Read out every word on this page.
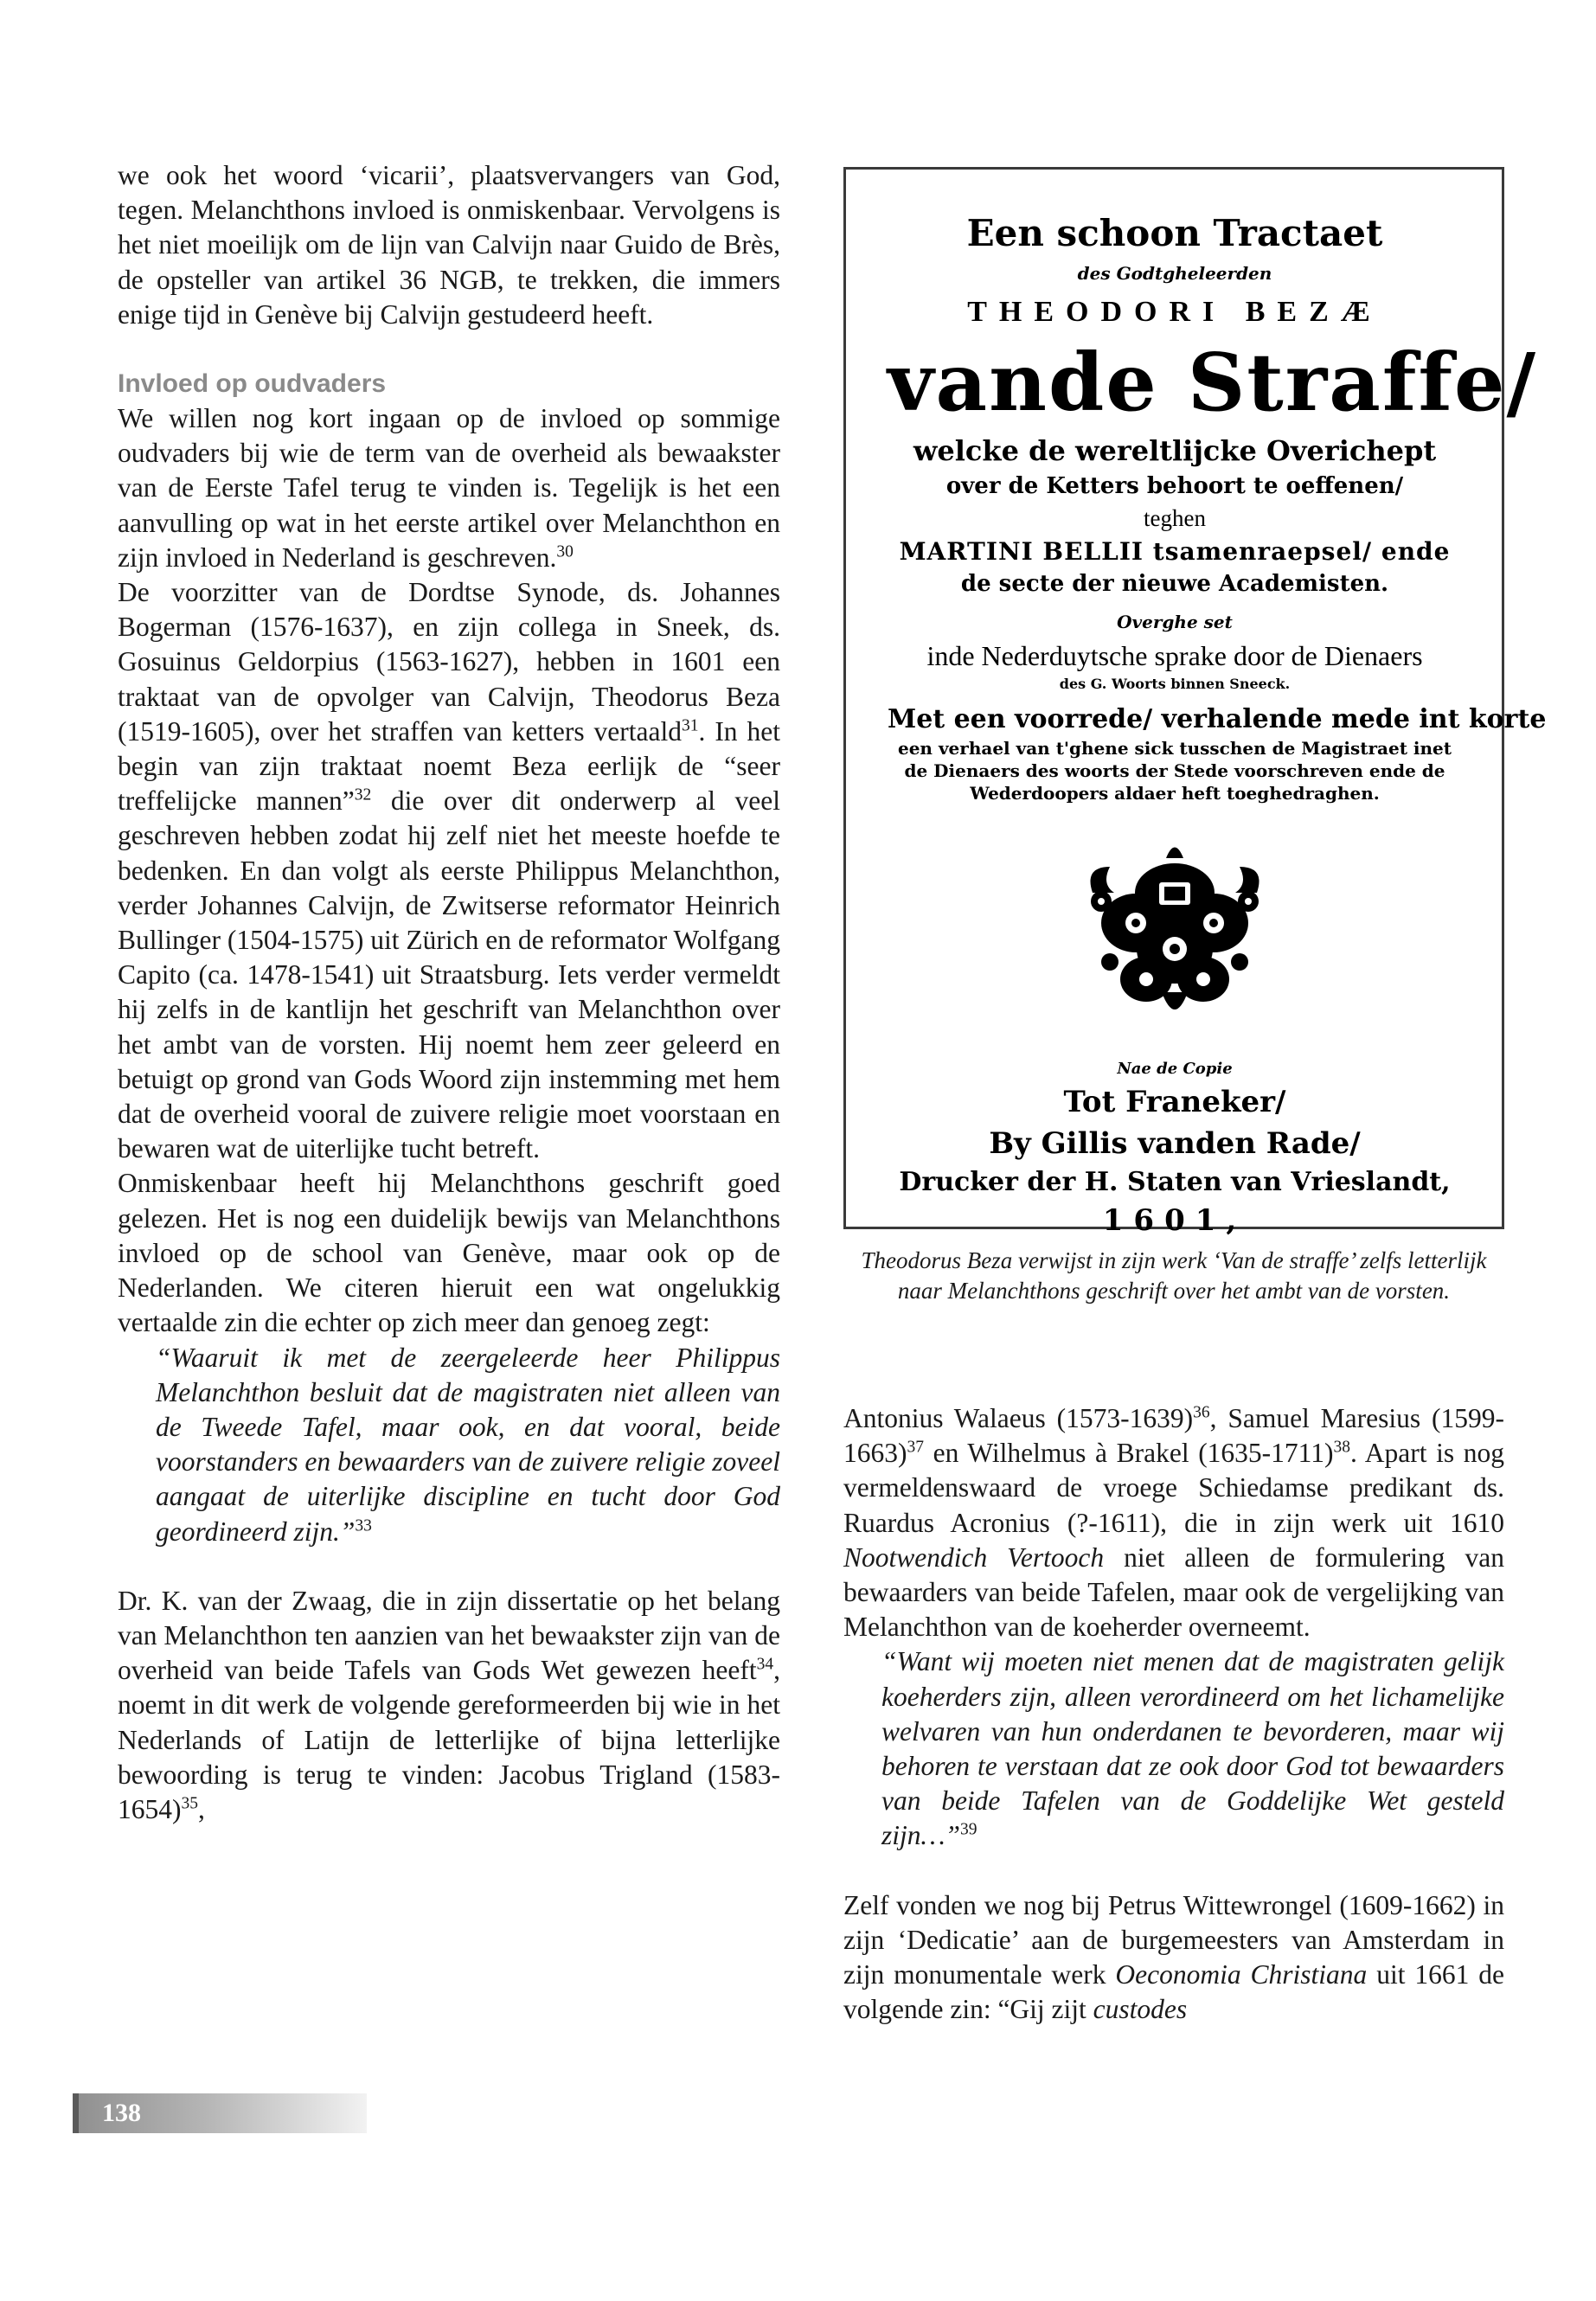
we ook het woord ‘vicarii’, plaatsvervangers van God, tegen. Melanchthons invloed is onmiskenbaar. Vervolgens is het niet moeilijk om de lijn van Calvijn naar Guido de Brès, de opsteller van artikel 36 NGB, te trekken, die immers enige tijd in Genève bij Calvijn gestudeerd heeft.

Invloed op oudvaders

We willen nog kort ingaan op de invloed op sommige oudvaders bij wie de term van de overheid als bewaakster van de Eerste Tafel terug te vinden is. Tegelijk is het een aanvulling op wat in het eerste artikel over Melanchthon en zijn invloed in Nederland is geschreven.$^{30}$

De voorzitter van de Dordtse Synode, ds. Johannes Bogerman (1576-1637), en zijn collega in Sneek, ds. Gosuinus Geldorpius (1563-1627), hebben in 1601 een traktaat van de opvolger van Calvijn, Theodorus Beza (1519-1605), over het straffen van ketters vertaald$^{31}$. In het begin van zijn traktaat noemt Beza eerlijk de “seer treffelijcke mannen”$^{32}$ die over dit onderwerp al veel geschreven hebben zodat hij zelf niet het meeste hoefde te bedenken. En dan volgt als eerste Philippus Melanchthon, verder Johannes Calvijn, de Zwitserse reformator Heinrich Bullinger (1504-1575) uit Zürich en de reformator Wolfgang Capito (ca. 1478-1541) uit Straatsburg. Iets verder vermeldt hij zelfs in de kantlijn het geschrift van Melanchthon over het ambt van de vorsten. Hij noemt hem zeer geleerd en betuigt op grond van Gods Woord zijn instemming met hem dat de overheid vooral de zuivere religie moet voorstaan en bewaren wat de uiterlijke tucht betreft.

Onmiskenbaar heeft hij Melanchthons geschrift goed gelezen. Het is nog een duidelijk bewijs van Melanchthons invloed op de school van Genève, maar ook op de Nederlanden. We citeren hieruit een wat ongelukkig vertaalde zin die echter op zich meer dan genoeg zegt:

“Waaruit ik met de zeergeleerde heer Philippus Melanchthon besluit dat de magistraten niet alleen van de Tweede Tafel, maar ook, en dat vooral, beide voorstanders en bewaarders van de zuivere religie zoveel aangaat de uiterlijke discipline en tucht door God geordineerd zijn.”$^{33}$

Dr. K. van der Zwaag, die in zijn dissertatie op het belang van Melanchthon ten aanzien van het bewaakster zijn van de overheid van beide Tafels van Gods Wet gewezen heeft$^{34}$, noemt in dit werk de volgende gereformeerden bij wie in het Nederlands of Latijn de letterlijke of bijna letterlijke bewoording is terug te vinden: Jacobus Trigland (1583-1654)$^{35}$,

Een schoon Tractaet
des Godtgheleerden
THEODORI BEZÆ
vande Straffe/
welcke de wereltlijcke Overichept
over de Ketters behoort te oeffenen/
teghen
MARTINI BELLII tsamenraepsel/ ende
de secte der nieuwe Academisten.
Overghe set
inde Nederduytsche sprake door de Dienaers
des G. Woorts binnen Sneeck.
Met een voorrede/ verhalende mede int korte
een verhael van t'ghene sick tusschen de Magistraet inet
de Dienaers des woorts der Stede voorschreven ende de
Wederdoopers aldaer heft toeghedraghen.
Nae de Copie
Tot Franeker/
By Gillis vanden Rade/
Drucker der H. Staten van Vrieslandt,
1601,
Theodorus Beza verwijst in zijn werk ‘Van de straffe’ zelfs letterlijk naar Melanchthons geschrift over het ambt van de vorsten.

Antonius Walaeus (1573-1639)$^{36}$, Samuel Maresius (1599-1663)$^{37}$ en Wilhelmus à Brakel (1635-1711)$^{38}$. Apart is nog vermeldenswaard de vroege Schiedamse predikant ds. Ruardus Acronius (?-1611), die in zijn werk uit 1610 Nootwendich Vertooch niet alleen de formulering van bewaarders van beide Tafelen, maar ook de vergelijking van Melanchthon van de koeherder overneemt.

“Want wij moeten niet menen dat de magistraten gelijk koeherders zijn, alleen verordineerd om het lichamelijke welvaren van hun onderdanen te bevorderen, maar wij behoren te verstaan dat ze ook door God tot bewaarders van beide Tafelen van de Goddelijke Wet gesteld zijn…”$^{39}$

Zelf vonden we nog bij Petrus Wittewrongel (1609-1662) in zijn ‘Dedicatie’ aan de burgemeesters van Amsterdam in zijn monumentale werk Oeconomia Christiana uit 1661 de volgende zin: “Gij zijt custodes

138
